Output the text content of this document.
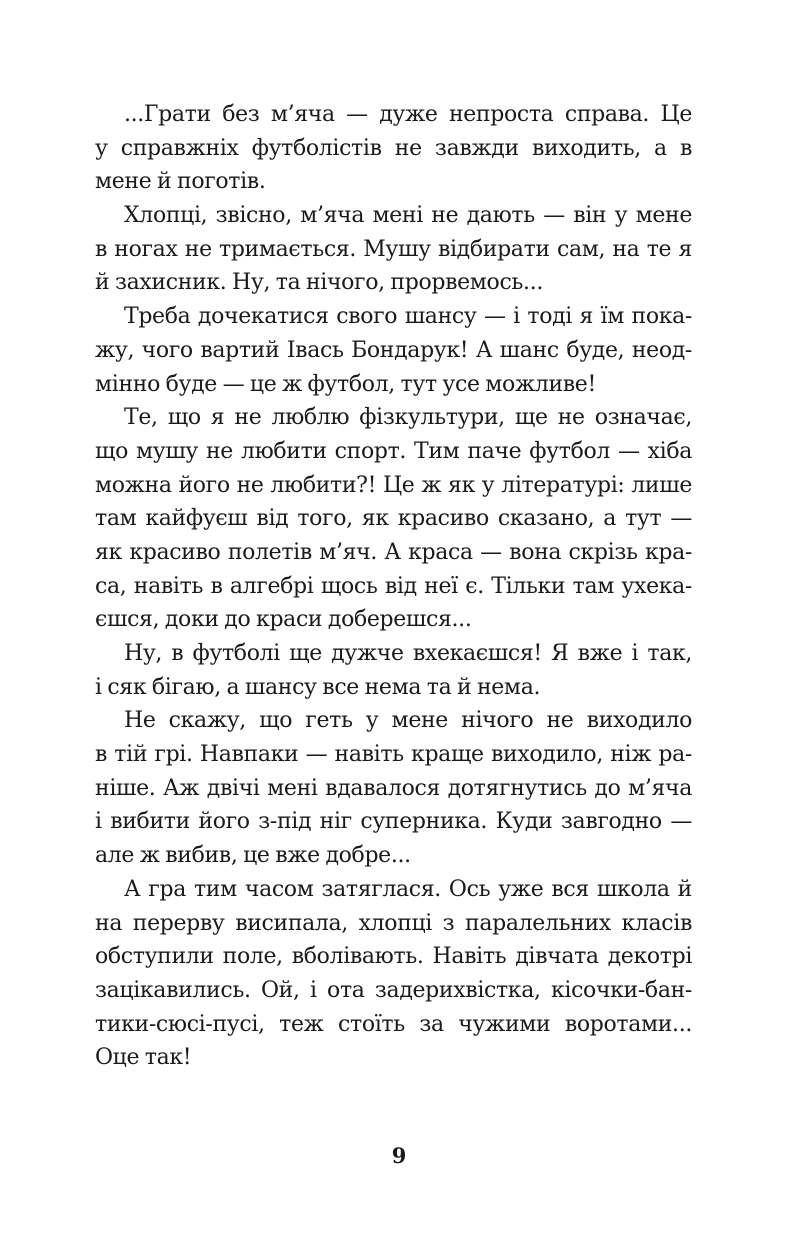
...Грати без м’яча — дуже непроста справа. Це
у справжніх футболістів не завжди виходить, а в
мене й поготів.
Хлопці, звісно, м’яча мені не дають — він у мене
в ногах не тримається. Мушу відбирати сам, на те я
й захисник. Ну, та нічого, прорвемось...
Треба дочекатися свого шансу — і тоді я їм пока-
жу, чого вартий Івась Бондарук! А шанс буде, неод-
мінно буде — це ж футбол, тут усе можливе!
Те, що я не люблю фізкультури, ще не означає,
що мушу не любити спорт. Тим паче футбол — хіба
можна його не любити?! Це ж як у літературі: лише
там кайфуєш від того, як красиво сказано, а тут —
як красиво полетів м’яч. А краса — вона скрізь кра-
са, навіть в алгебрі щось від неї є. Тільки там ухека-
єшся, доки до краси доберешся...
Ну, в футболі ще дужче вхекаєшся! Я вже і так,
і сяк бігаю, а шансу все нема та й нема.
Не скажу, що геть у мене нічого не виходило
в тій грі. Навпаки — навіть краще виходило, ніж ра-
ніше. Аж двічі мені вдавалося дотягнутись до м’яча
і вибити його з-під ніг суперника. Куди завгодно —
але ж вибив, це вже добре...
А гра тим часом затяглася. Ось уже вся школа й
на перерву висипала, хлопці з паралельних класів
обступили поле, вболівають. Навіть дівчата декотрі
зацікавились. Ой, і ота задерихвістка, кісочки-бан-
тики-сюсі-пусі, теж стоїть за чужими воротами...
Оце так!
9
